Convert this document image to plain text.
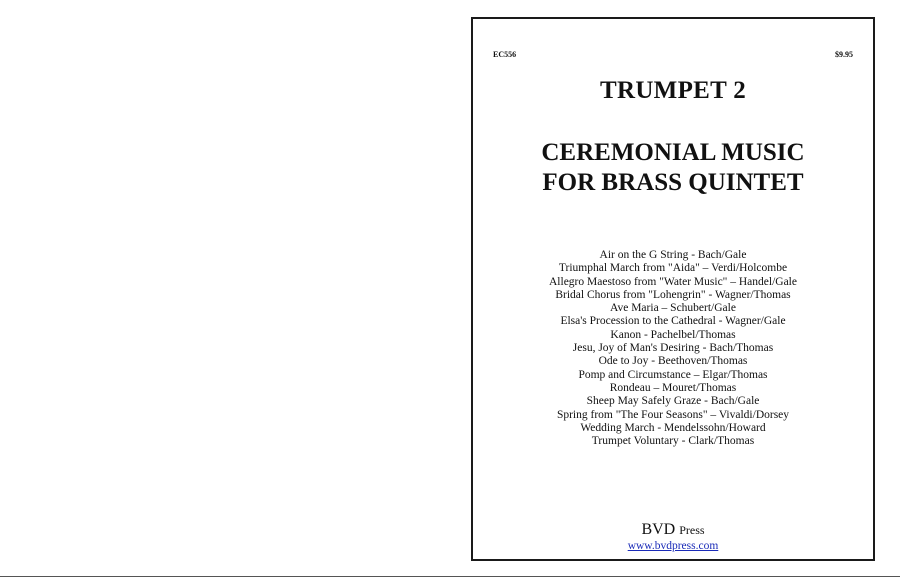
EC556	$9.95
TRUMPET 2
CEREMONIAL MUSIC
FOR BRASS QUINTET
Air on the G String - Bach/Gale
Triumphal March from "Aida" – Verdi/Holcombe
Allegro Maestoso from "Water Music" – Handel/Gale
Bridal Chorus from "Lohengrin" - Wagner/Thomas
Ave Maria – Schubert/Gale
Elsa's Procession to the Cathedral - Wagner/Gale
Kanon - Pachelbel/Thomas
Jesu, Joy of Man's Desiring - Bach/Thomas
Ode to Joy - Beethoven/Thomas
Pomp and Circumstance – Elgar/Thomas
Rondeau – Mouret/Thomas
Sheep May Safely Graze - Bach/Gale
Spring from "The Four Seasons" – Vivaldi/Dorsey
Wedding March - Mendelssohn/Howard
Trumpet Voluntary - Clark/Thomas
BVD Press
www.bvdpress.com
